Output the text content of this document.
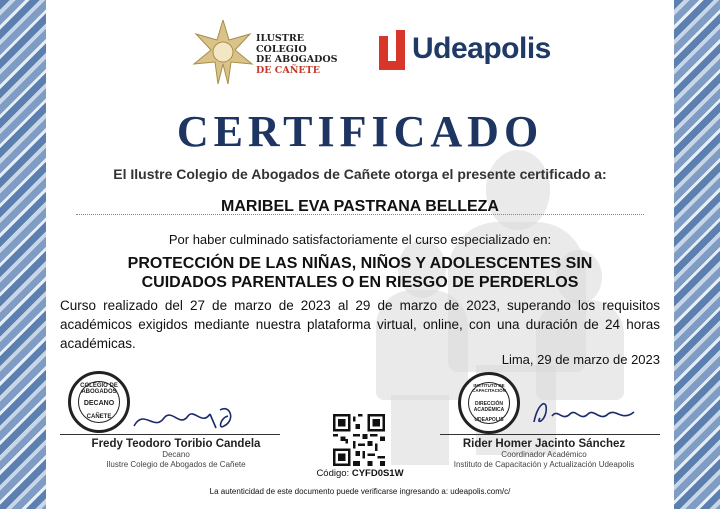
ILUSTRE
COLEGIO
DE ABOGADOS
DE CAÑETE
Udeapolis
CERTIFICADO
El Ilustre Colegio de Abogados de Cañete otorga el presente certificado a:
MARIBEL EVA PASTRANA BELLEZA
Por haber culminado satisfactoriamente el curso especializado en:
PROTECCIÓN DE LAS NIÑAS, NIÑOS Y ADOLESCENTES SIN
CUIDADOS PARENTALES O EN RIESGO DE PERDERLOS
Curso realizado del 27 de marzo de 2023 al 29 de marzo de 2023, superando los requisitos académicos exigidos mediante nuestra plataforma virtual, online, con una duración de 24 horas académicas.
Lima, 29 de marzo de 2023
COLEGIO DE ABOGADOS
DECANO
CAÑETE
INSTITUTO DE CAPACITACIÓN
DIRECCIÓN ACADÉMICA
UDEAPOLIS
Fredy Teodoro Toribio Candela
Decano
Ilustre Colegio de Abogados de Cañete
Rider Homer Jacinto Sánchez
Coordinador Académico
Instituto de Capacitación y Actualización Udeapolis
Código: CYFD0S1W
La autenticidad de este documento puede verificarse ingresando a: udeapolis.com/c/
